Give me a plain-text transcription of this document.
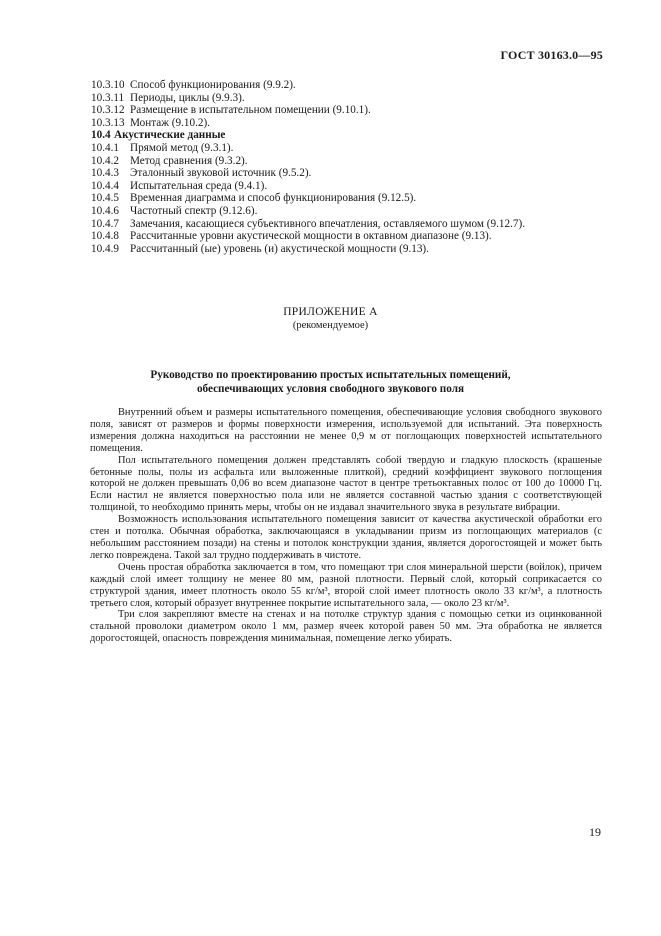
ГОСТ 30163.0—95
10.3.10 Способ функционирования (9.9.2).
10.3.11 Периоды, циклы (9.9.3).
10.3.12 Размещение в испытательном помещении (9.10.1).
10.3.13 Монтаж (9.10.2).
10.4 Акустические данные
10.4.1 Прямой метод (9.3.1).
10.4.2 Метод сравнения (9.3.2).
10.4.3 Эталонный звуковой источник (9.5.2).
10.4.4 Испытательная среда (9.4.1).
10.4.5 Временная диаграмма и способ функционирования (9.12.5).
10.4.6 Частотный спектр (9.12.6).
10.4.7 Замечания, касающиеся субъективного впечатления, оставляемого шумом (9.12.7).
10.4.8 Рассчитанные уровни акустической мощности в октавном диапазоне (9.13).
10.4.9 Рассчитанный (ые) уровень (и) акустической мощности (9.13).
ПРИЛОЖЕНИЕ А
(рекомендуемое)
Руководство по проектированию простых испытательных помещений,
обеспечивающих условия свободного звукового поля

Внутренний объем и размеры испытательного помещения, обеспечивающие условия свободного звукового поля, зависят от размеров и формы поверхности измерения, используемой для испытаний. Эта поверхность измерения должна находиться на расстоянии не менее 0,9 м от поглощающих поверхностей испытательного помещения.

Пол испытательного помещения должен представлять собой твердую и гладкую плоскость (крашеные бетонные полы, полы из асфальта или выложенные плиткой), средний коэффициент звукового поглощения которой не должен превышать 0,06 во всем диапазоне частот в центре третьоктавных полос от 100 до 10000 Гц. Если настил не является поверхностью пола или не является составной частью здания с соответствующей толщиной, то необходимо принять меры, чтобы он не издавал значительного звука в результате вибрации.

Возможность использования испытательного помещения зависит от качества акустической обработки его стен и потолка. Обычная обработка, заключающаяся в укладывании призм из поглощающих материалов (с небольшим расстоянием позади) на стены и потолок конструкции здания, является дорогостоящей и может быть легко повреждена. Такой зал трудно поддерживать в чистоте.

Очень простая обработка заключается в том, что помещают три слоя минеральной шерсти (войлок), причем каждый слой имеет толщину не менее 80 мм, разной плотности. Первый слой, который соприкасается со структурой здания, имеет плотность около 55 кг/м³, второй слой имеет плотность около 33 кг/м³, а плотность третьего слоя, который образует внутреннее покрытие испытательного зала, — около 23 кг/м³.

Три слоя закрепляют вместе на стенах и на потолке структур здания с помощью сетки из оцинкованной стальной проволоки диаметром около 1 мм, размер ячеек которой равен 50 мм. Эта обработка не является дорогостоящей, опасность повреждения минимальная, помещение легко убирать.

19
